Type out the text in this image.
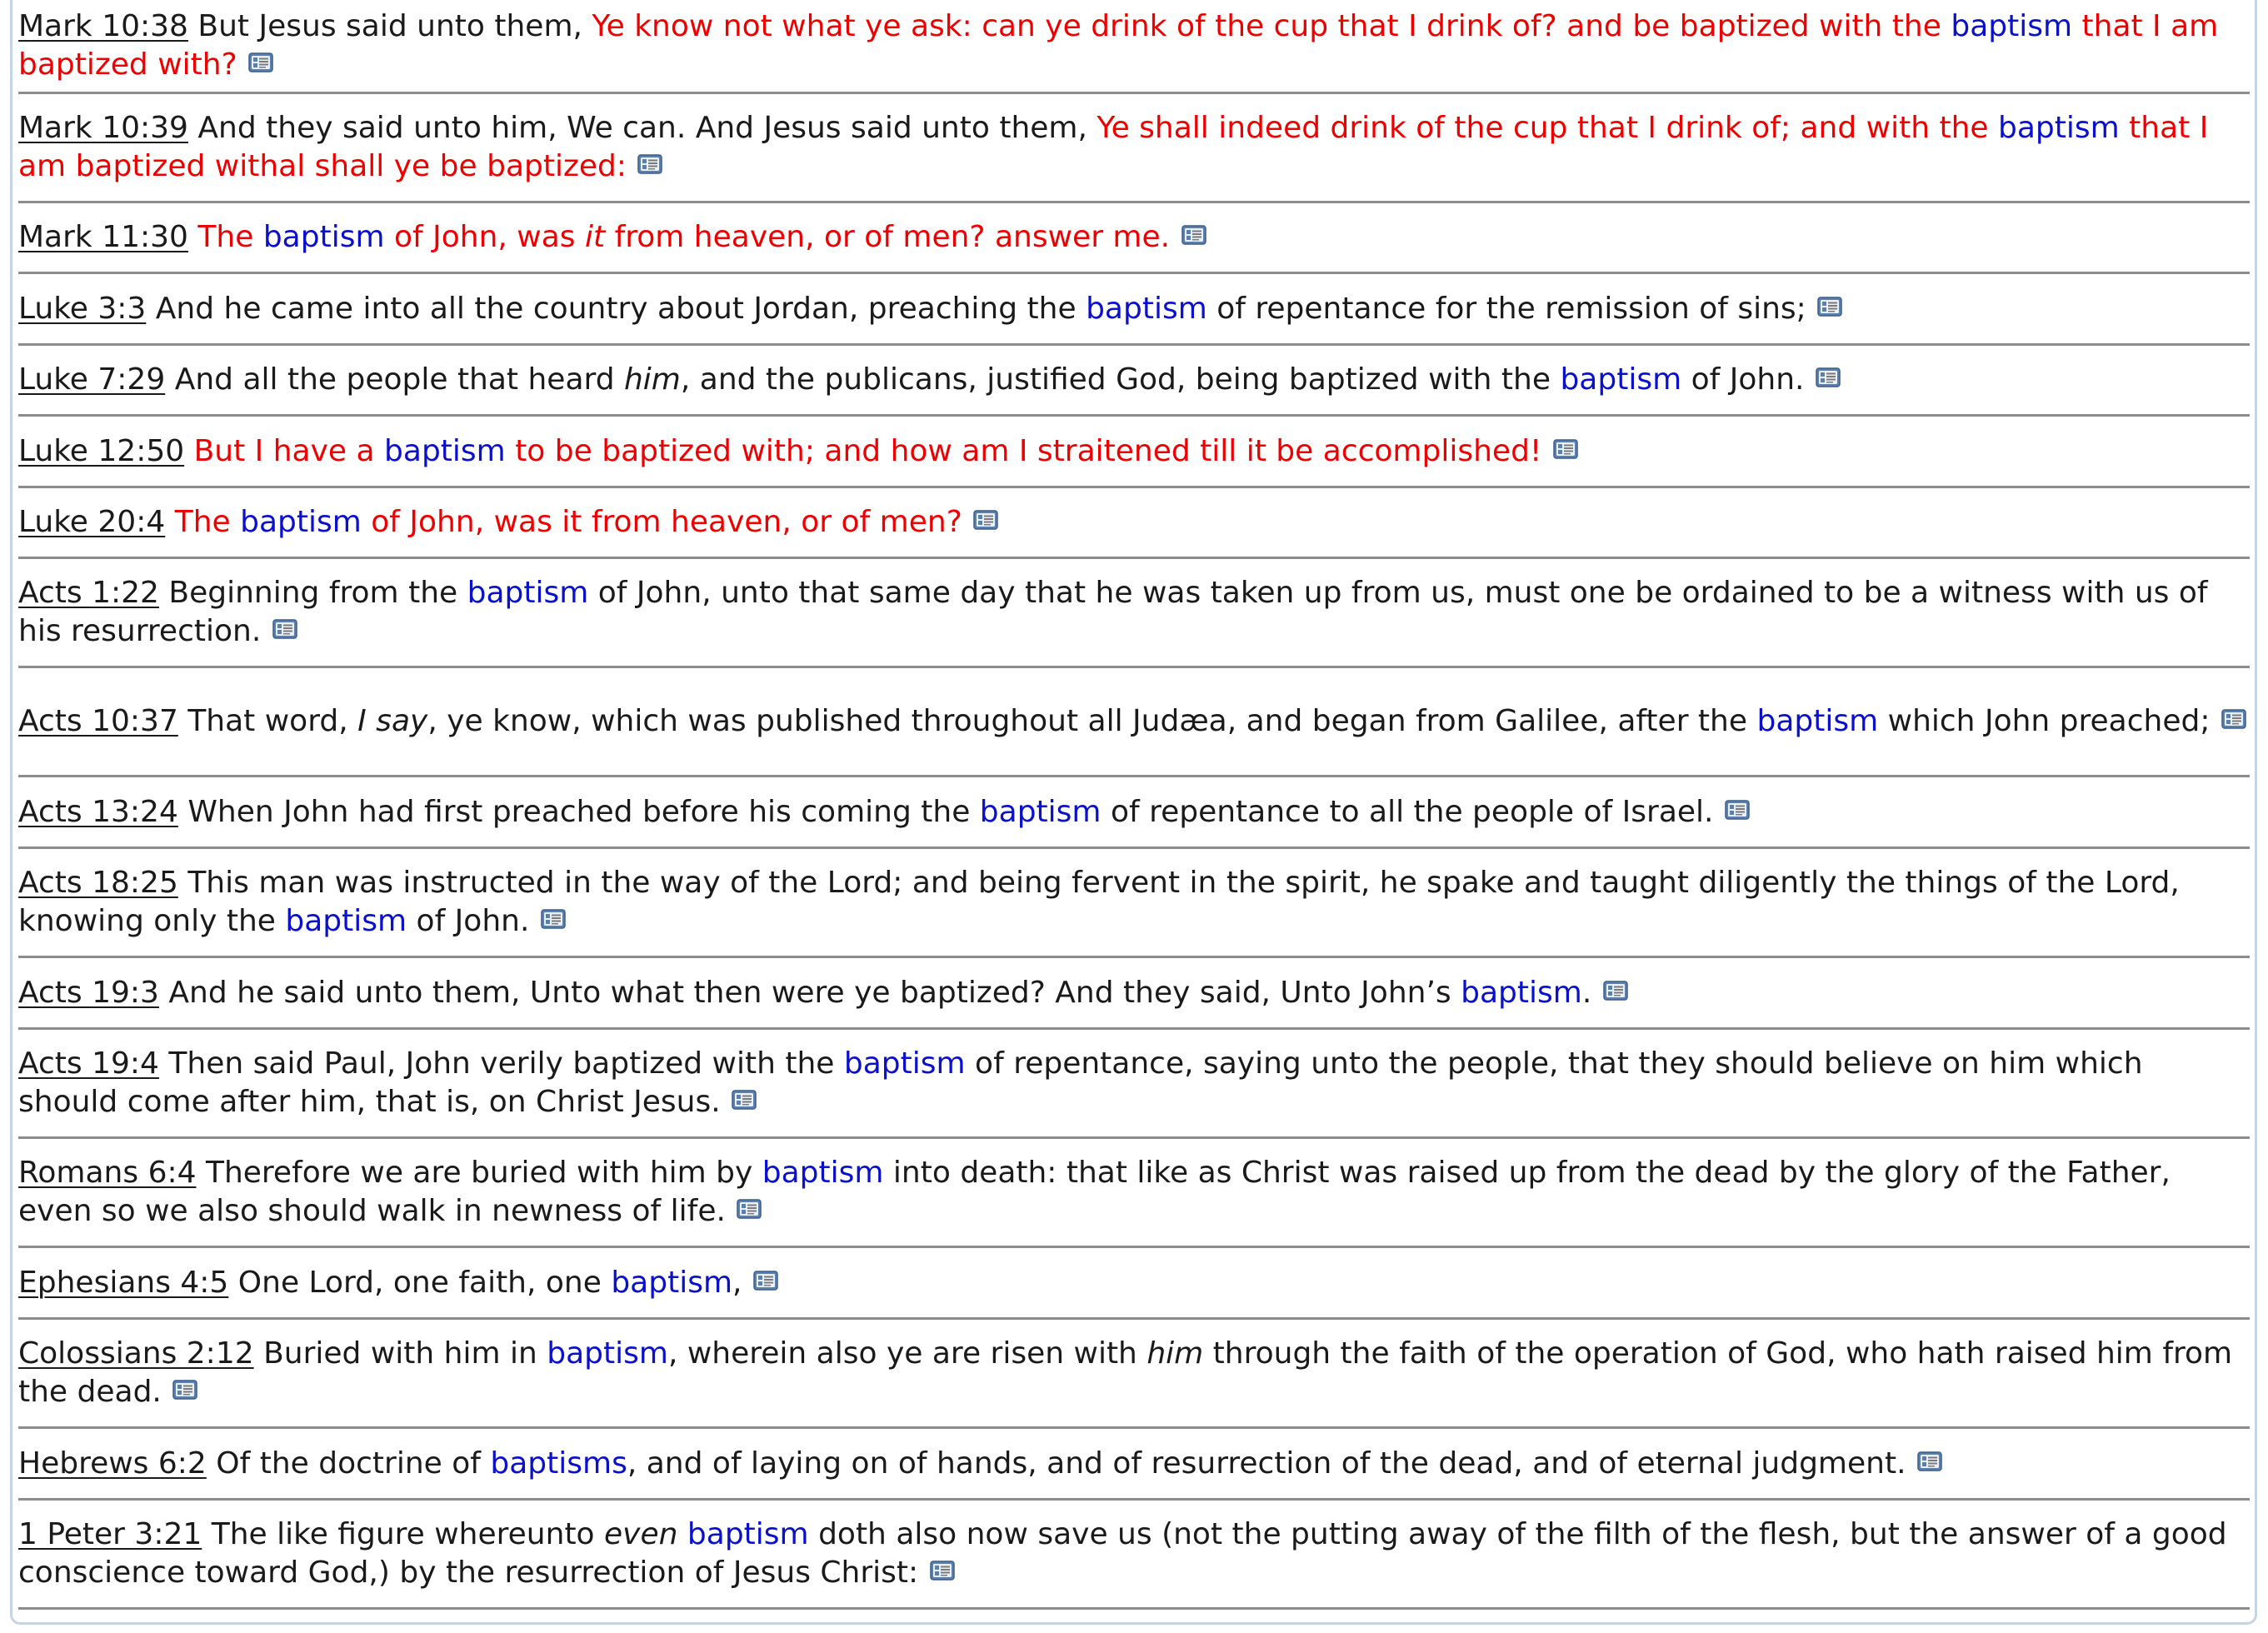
Mark 10:38 But Jesus said unto them, Ye know not what ye ask: can ye drink of the cup that I drink of? and be baptized with the baptism that I am baptized with?

Mark 10:39 And they said unto him, We can. And Jesus said unto them, Ye shall indeed drink of the cup that I drink of; and with the baptism that I am baptized withal shall ye be baptized:

Mark 11:30 The baptism of John, was it from heaven, or of men? answer me.

Luke 3:3 And he came into all the country about Jordan, preaching the baptism of repentance for the remission of sins;

Luke 7:29 And all the people that heard him, and the publicans, justified God, being baptized with the baptism of John.

Luke 12:50 But I have a baptism to be baptized with; and how am I straitened till it be accomplished!

Luke 20:4 The baptism of John, was it from heaven, or of men?

Acts 1:22 Beginning from the baptism of John, unto that same day that he was taken up from us, must one be ordained to be a witness with us of his resurrection.

Acts 10:37 That word, I say, ye know, which was published throughout all Judæa, and began from Galilee, after the baptism which John preached;

Acts 13:24 When John had first preached before his coming the baptism of repentance to all the people of Israel.

Acts 18:25 This man was instructed in the way of the Lord; and being fervent in the spirit, he spake and taught diligently the things of the Lord, knowing only the baptism of John.

Acts 19:3 And he said unto them, Unto what then were ye baptized? And they said, Unto John’s baptism.

Acts 19:4 Then said Paul, John verily baptized with the baptism of repentance, saying unto the people, that they should believe on him which should come after him, that is, on Christ Jesus.

Romans 6:4 Therefore we are buried with him by baptism into death: that like as Christ was raised up from the dead by the glory of the Father, even so we also should walk in newness of life.

Ephesians 4:5 One Lord, one faith, one baptism,

Colossians 2:12 Buried with him in baptism, wherein also ye are risen with him through the faith of the operation of God, who hath raised him from the dead.

Hebrews 6:2 Of the doctrine of baptisms, and of laying on of hands, and of resurrection of the dead, and of eternal judgment.

1 Peter 3:21 The like figure whereunto even baptism doth also now save us (not the putting away of the filth of the flesh, but the answer of a good conscience toward God,) by the resurrection of Jesus Christ:
